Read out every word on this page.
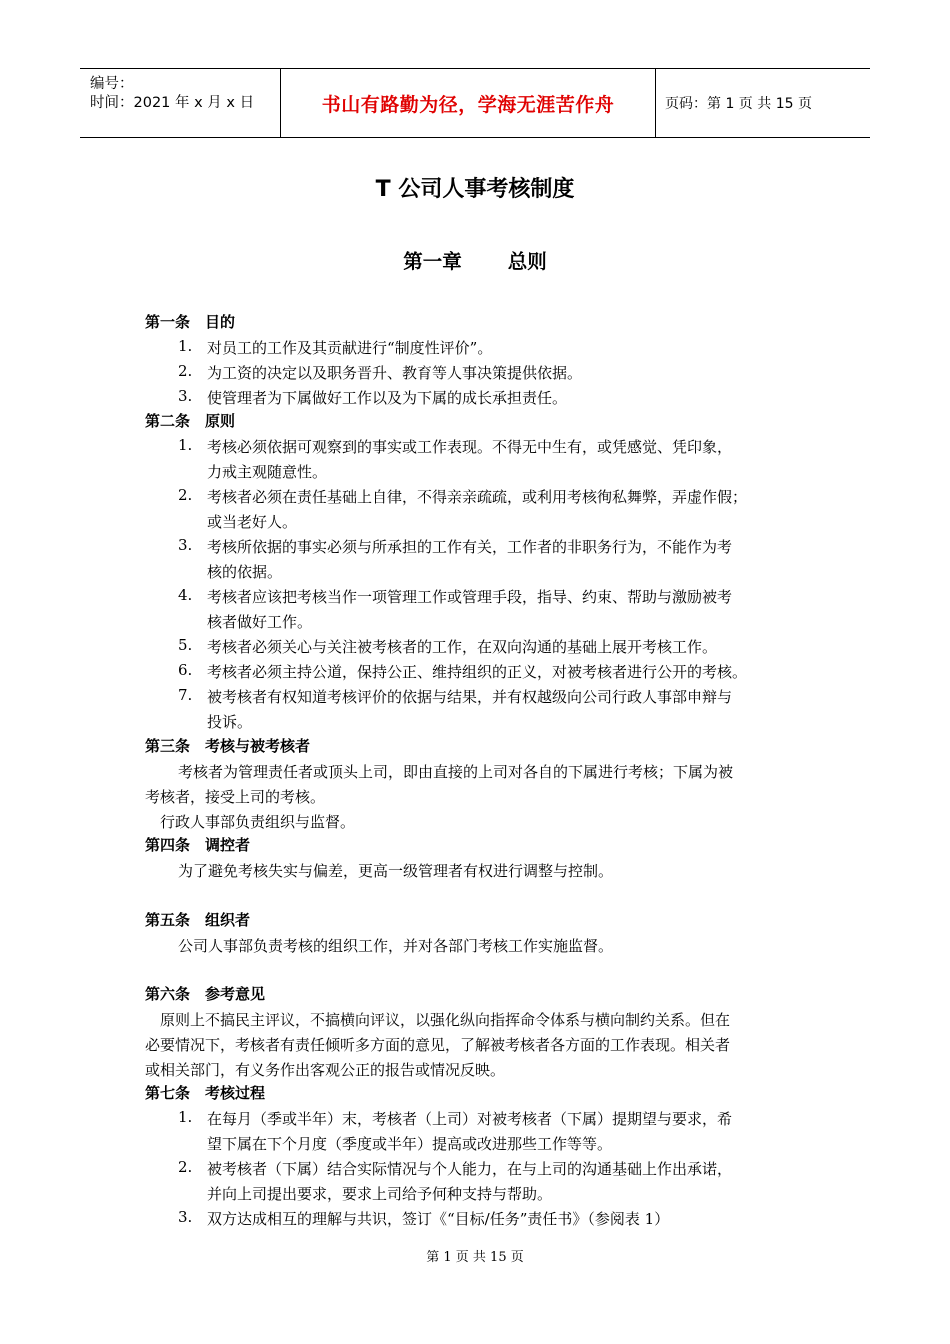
编号：
时间：2021 年 x 月 x 日	书山有路勤为径，学海无涯苦作舟	页码：第 1 页 共 15 页
T 公司人事考核制度
第一章 总则
第一条　目的
1. 对员工的工作及其贡献进行“制度性评价”。
2. 为工资的决定以及职务晋升、教育等人事决策提供依据。
3. 使管理者为下属做好工作以及为下属的成长承担责任。
第二条　原则
1. 考核必须依据可观察到的事实或工作表现。不得无中生有，或凭感觉、凭印象，
力戒主观随意性。
2. 考核者必须在责任基础上自律，不得亲亲疏疏，或利用考核徇私舞弊，弄虚作假；
或当老好人。
3. 考核所依据的事实必须与所承担的工作有关，工作者的非职务行为，不能作为考
核的依据。
4. 考核者应该把考核当作一项管理工作或管理手段，指导、约束、帮助与激励被考
核者做好工作。
5. 考核者必须关心与关注被考核者的工作，在双向沟通的基础上展开考核工作。
6. 考核者必须主持公道，保持公正、维持组织的正义，对被考核者进行公开的考核。
7. 被考核者有权知道考核评价的依据与结果，并有权越级向公司行政人事部申辩与
投诉。
第三条　考核与被考核者
考核者为管理责任者或顶头上司，即由直接的上司对各自的下属进行考核；下属为被
考核者，接受上司的考核。
行政人事部负责组织与监督。
第四条　调控者
为了避免考核失实与偏差，更高一级管理者有权进行调整与控制。
第五条　组织者
公司人事部负责考核的组织工作，并对各部门考核工作实施监督。
第六条　参考意见
原则上不搞民主评议，不搞横向评议，以强化纵向指挥命令体系与横向制约关系。但在
必要情况下，考核者有责任倾听多方面的意见，了解被考核者各方面的工作表现。相关者
或相关部门，有义务作出客观公正的报告或情况反映。
第七条　考核过程
1. 在每月（季或半年）末，考核者（上司）对被考核者（下属）提期望与要求，希
望下属在下个月度（季度或半年）提高或改进那些工作等等。
2. 被考核者（下属）结合实际情况与个人能力，在与上司的沟通基础上作出承诺，
并向上司提出要求，要求上司给予何种支持与帮助。
3. 双方达成相互的理解与共识，签订《“目标/任务”责任书》（参阅表 1）
第 1 页 共 15 页
